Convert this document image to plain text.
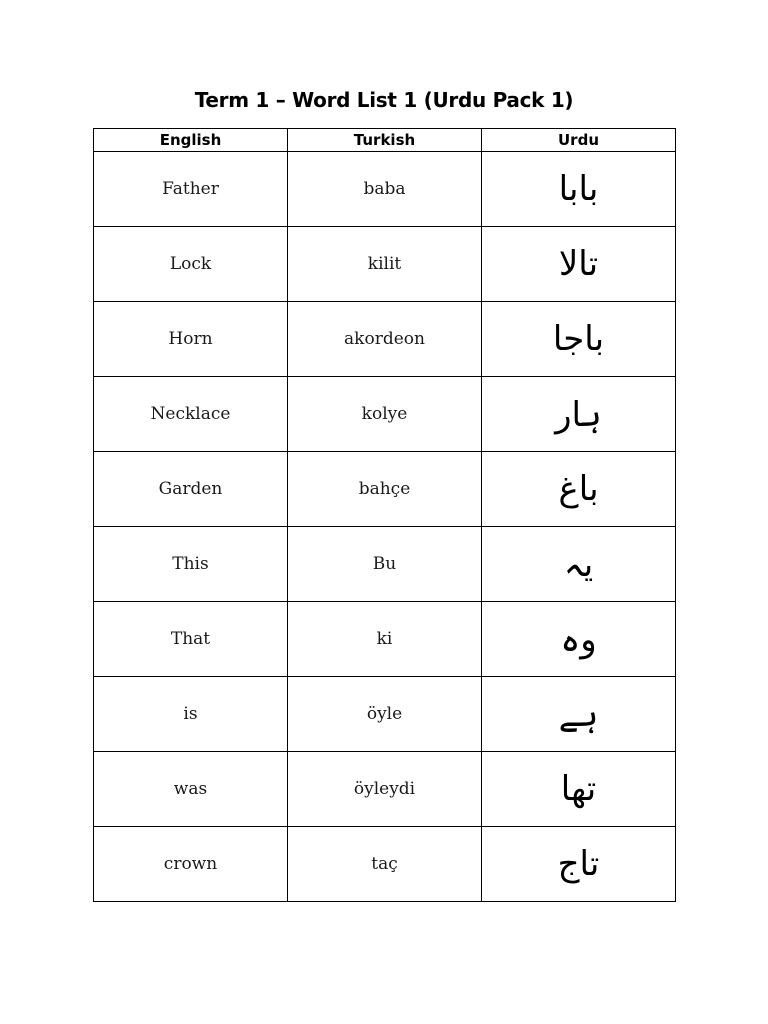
Term 1 – Word List 1 (Urdu Pack 1)
English	Turkish	Urdu
Father	baba	بابا
Lock	kilit	تالا
Horn	akordeon	باجا
Necklace	kolye	ہار
Garden	bahçe	باغ
This	Bu	یہ
That	ki	وہ
is	öyle	ہے
was	öyleydi	تھا
crown	taç	تاج
